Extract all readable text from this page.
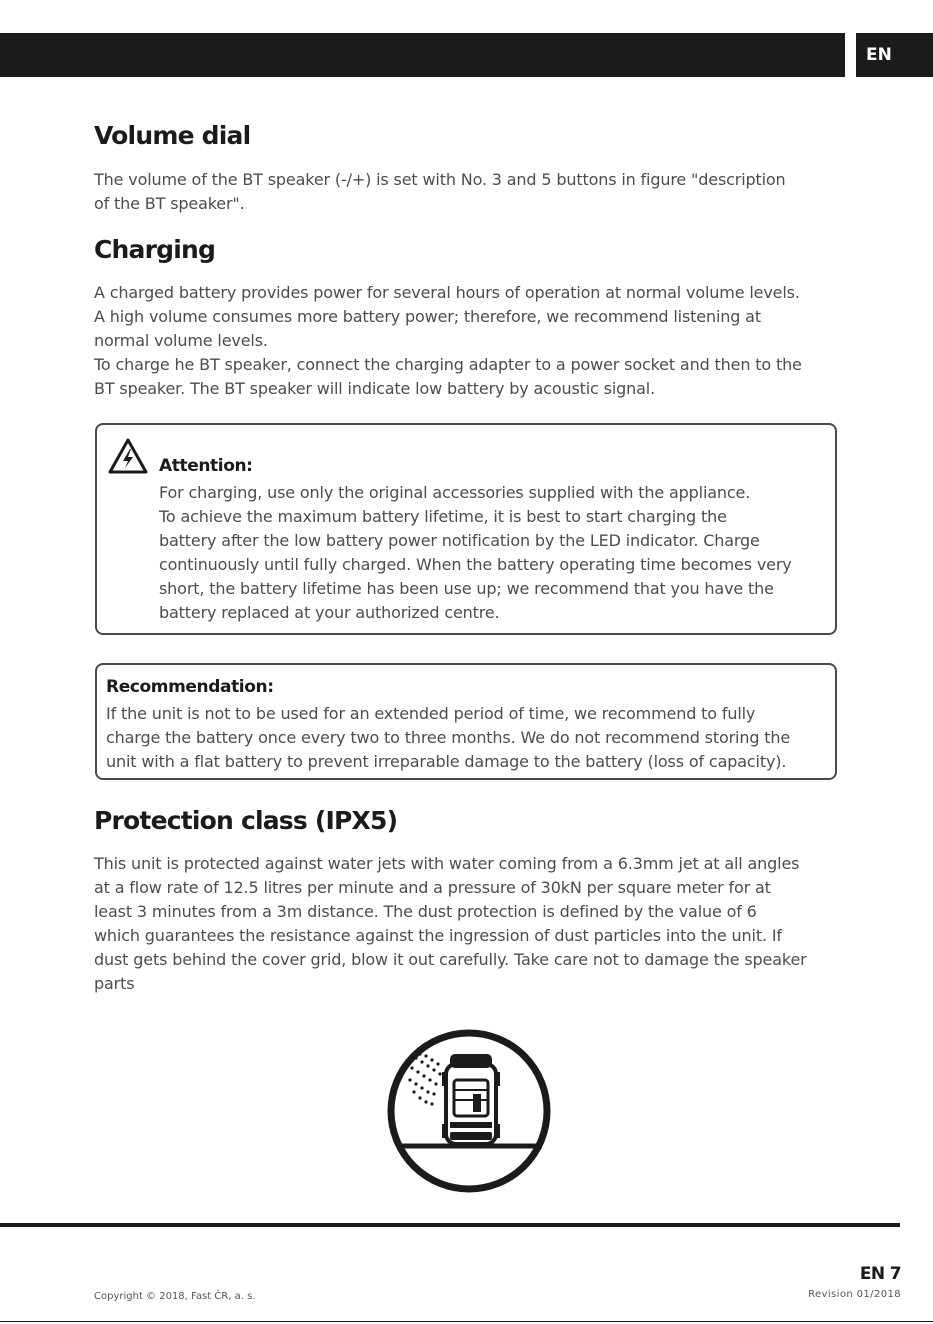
EN
Volume dial
The volume of the BT speaker (-/+) is set with No. 3 and 5 buttons in figure "description
of the BT speaker".
Charging
A charged battery provides power for several hours of operation at normal volume levels.
A high volume consumes more battery power; therefore, we recommend listening at
normal volume levels.
To charge he BT speaker, connect the charging adapter to a power socket and then to the
BT speaker. The BT speaker will indicate low battery by acoustic signal.

Attention:

For charging, use only the original accessories supplied with the appliance.
To achieve the maximum battery lifetime, it is best to start charging the
battery after the low battery power notification by the LED indicator. Charge
continuously until fully charged. When the battery operating time becomes very
short, the battery lifetime has been use up; we recommend that you have the
battery replaced at your authorized centre.

Recommendation:

If the unit is not to be used for an extended period of time, we recommend to fully
charge the battery once every two to three months. We do not recommend storing the
unit with a flat battery to prevent irreparable damage to the battery (loss of capacity).
Protection class (IPX5)
This unit is protected against water jets with water coming from a 6.3mm jet at all angles
at a flow rate of 12.5 litres per minute and a pressure of 30kN per square meter for at
least 3 minutes from a 3m distance. The dust protection is defined by the value of 6
which guarantees the resistance against the ingression of dust particles into the unit. If
dust gets behind the cover grid, blow it out carefully. Take care not to damage the speaker
parts
EN 7
Revision 01/2018
Copyright © 2018, Fast ČR, a. s.
